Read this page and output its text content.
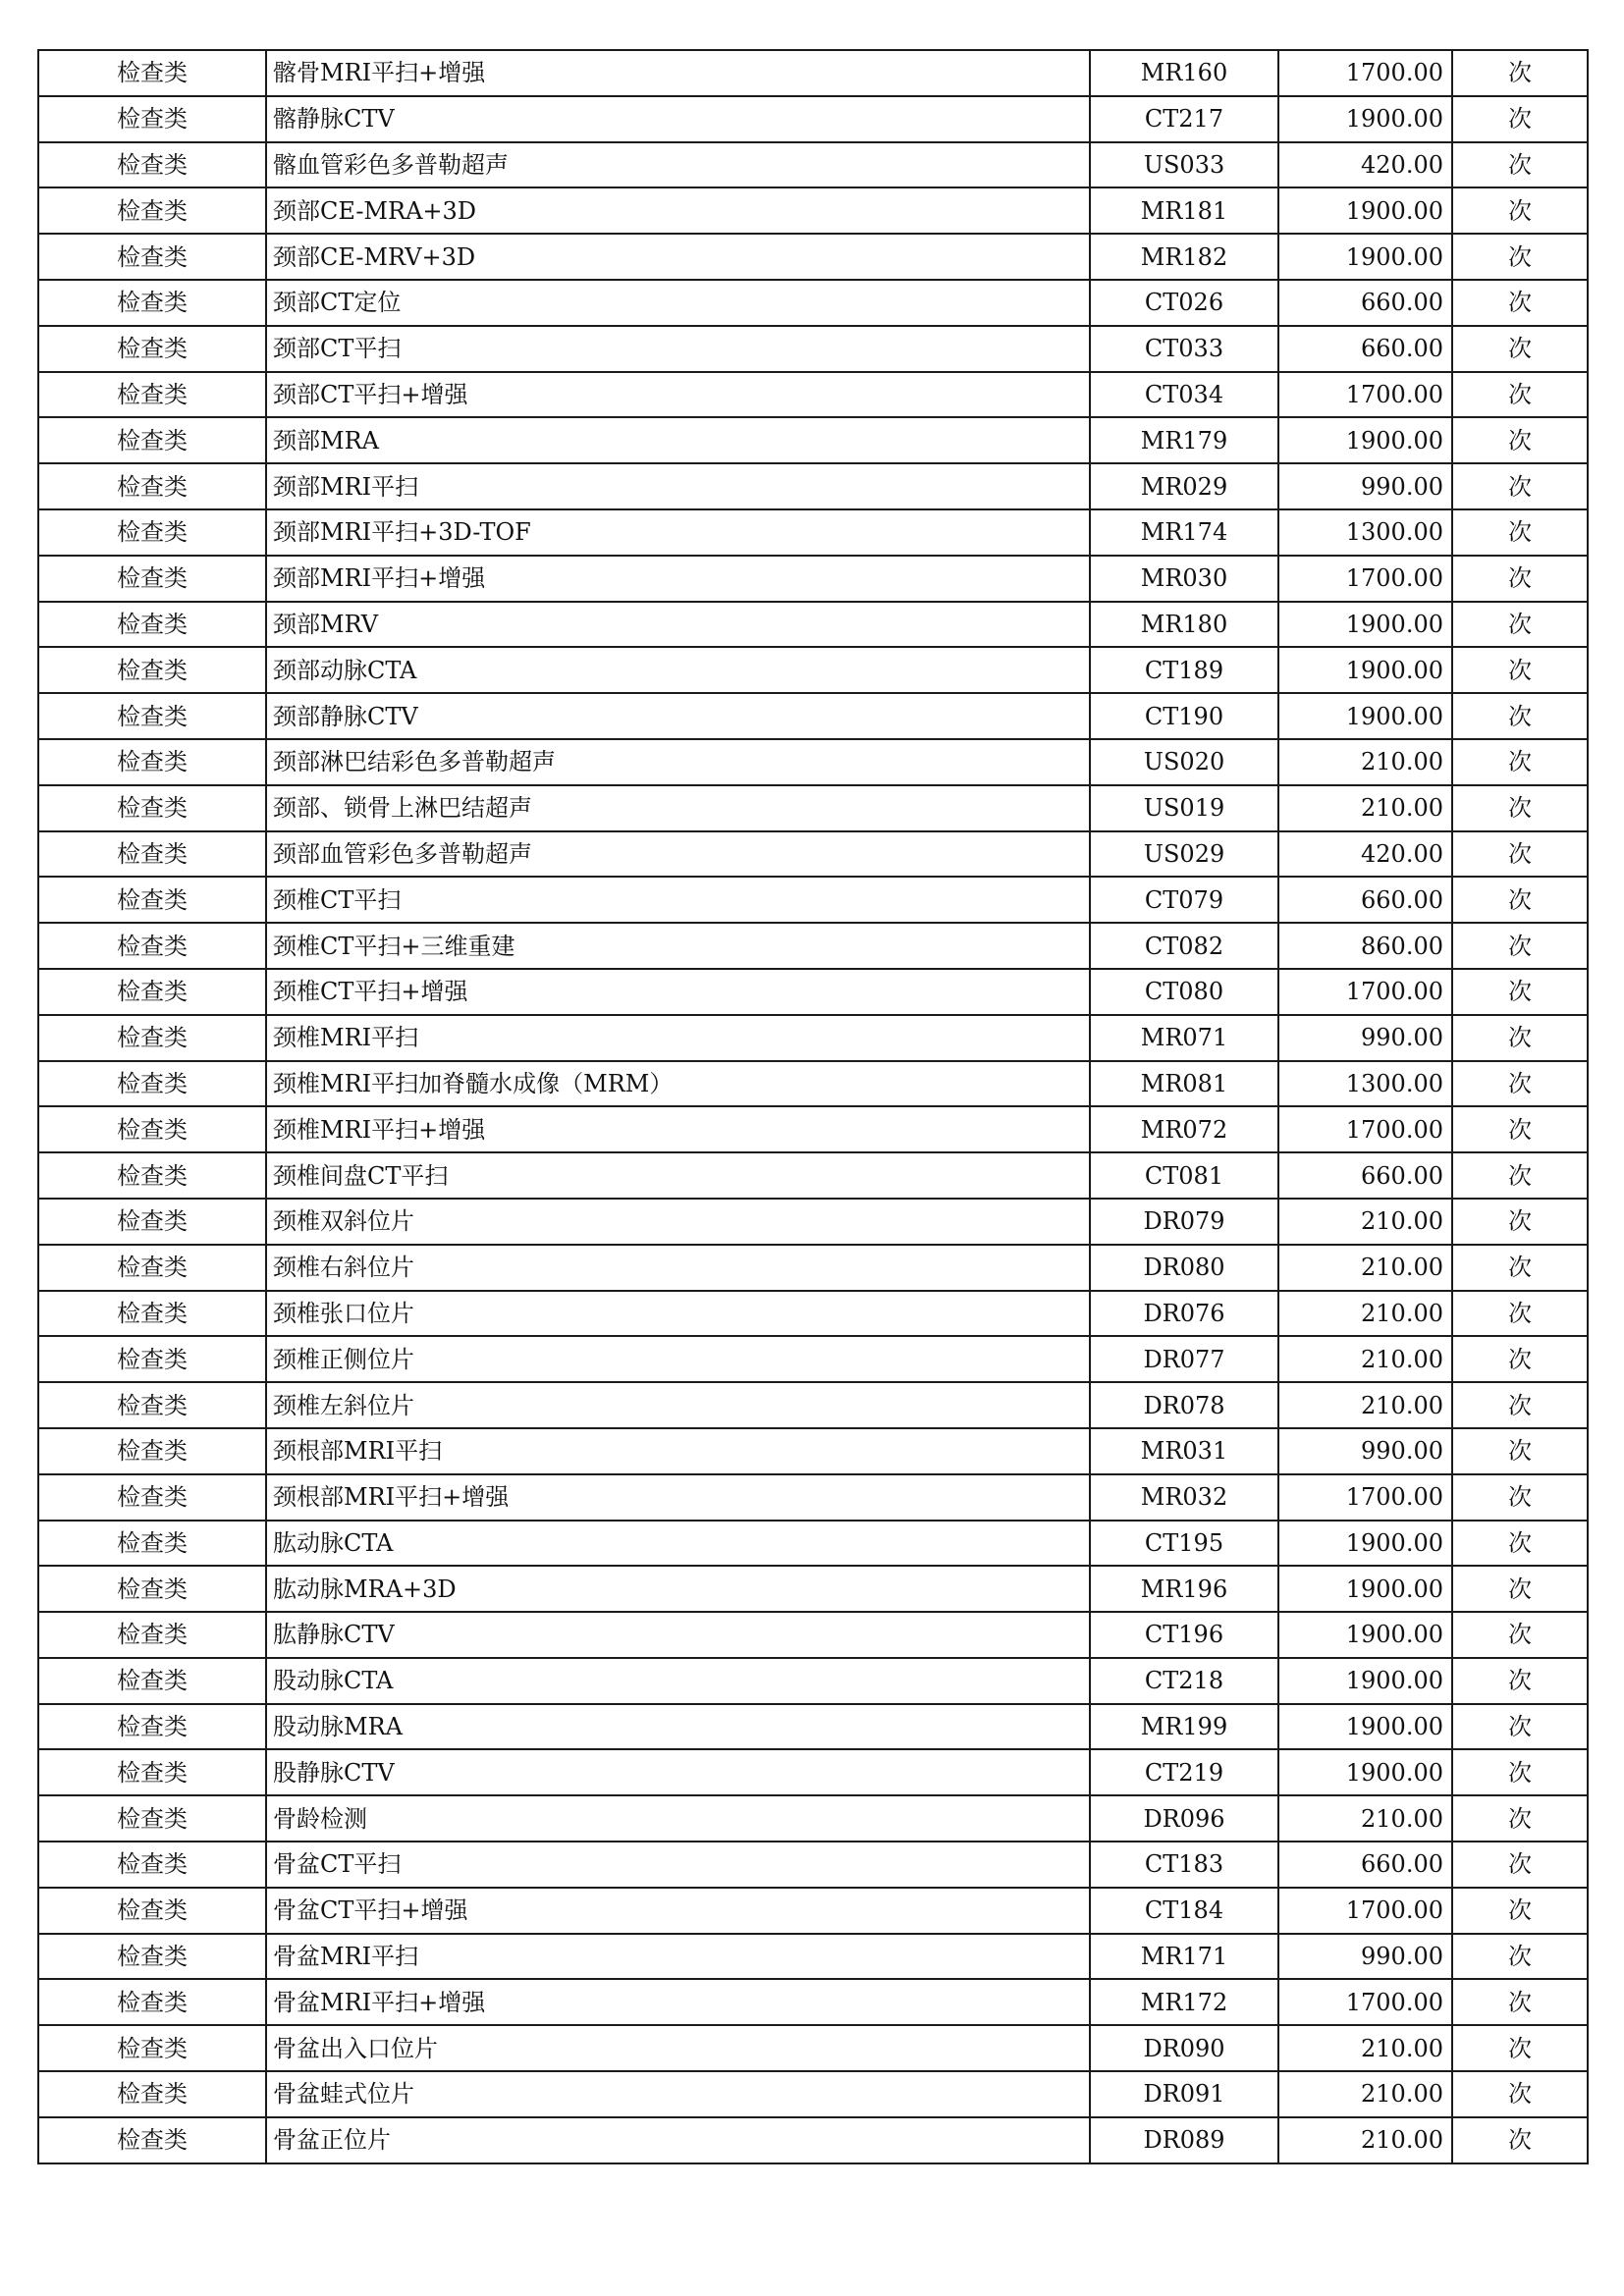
检查类	髂骨MRI平扫+增强	MR160	1700.00	次
检查类	髂静脉CTV	CT217	1900.00	次
检查类	髂血管彩色多普勒超声	US033	420.00	次
检查类	颈部CE-MRA+3D	MR181	1900.00	次
检查类	颈部CE-MRV+3D	MR182	1900.00	次
检查类	颈部CT定位	CT026	660.00	次
检查类	颈部CT平扫	CT033	660.00	次
检查类	颈部CT平扫+增强	CT034	1700.00	次
检查类	颈部MRA	MR179	1900.00	次
检查类	颈部MRI平扫	MR029	990.00	次
检查类	颈部MRI平扫+3D-TOF	MR174	1300.00	次
检查类	颈部MRI平扫+增强	MR030	1700.00	次
检查类	颈部MRV	MR180	1900.00	次
检查类	颈部动脉CTA	CT189	1900.00	次
检查类	颈部静脉CTV	CT190	1900.00	次
检查类	颈部淋巴结彩色多普勒超声	US020	210.00	次
检查类	颈部、锁骨上淋巴结超声	US019	210.00	次
检查类	颈部血管彩色多普勒超声	US029	420.00	次
检查类	颈椎CT平扫	CT079	660.00	次
检查类	颈椎CT平扫+三维重建	CT082	860.00	次
检查类	颈椎CT平扫+增强	CT080	1700.00	次
检查类	颈椎MRI平扫	MR071	990.00	次
检查类	颈椎MRI平扫加脊髓水成像（MRM）	MR081	1300.00	次
检查类	颈椎MRI平扫+增强	MR072	1700.00	次
检查类	颈椎间盘CT平扫	CT081	660.00	次
检查类	颈椎双斜位片	DR079	210.00	次
检查类	颈椎右斜位片	DR080	210.00	次
检查类	颈椎张口位片	DR076	210.00	次
检查类	颈椎正侧位片	DR077	210.00	次
检查类	颈椎左斜位片	DR078	210.00	次
检查类	颈根部MRI平扫	MR031	990.00	次
检查类	颈根部MRI平扫+增强	MR032	1700.00	次
检查类	肱动脉CTA	CT195	1900.00	次
检查类	肱动脉MRA+3D	MR196	1900.00	次
检查类	肱静脉CTV	CT196	1900.00	次
检查类	股动脉CTA	CT218	1900.00	次
检查类	股动脉MRA	MR199	1900.00	次
检查类	股静脉CTV	CT219	1900.00	次
检查类	骨龄检测	DR096	210.00	次
检查类	骨盆CT平扫	CT183	660.00	次
检查类	骨盆CT平扫+增强	CT184	1700.00	次
检查类	骨盆MRI平扫	MR171	990.00	次
检查类	骨盆MRI平扫+增强	MR172	1700.00	次
检查类	骨盆出入口位片	DR090	210.00	次
检查类	骨盆蛙式位片	DR091	210.00	次
检查类	骨盆正位片	DR089	210.00	次
